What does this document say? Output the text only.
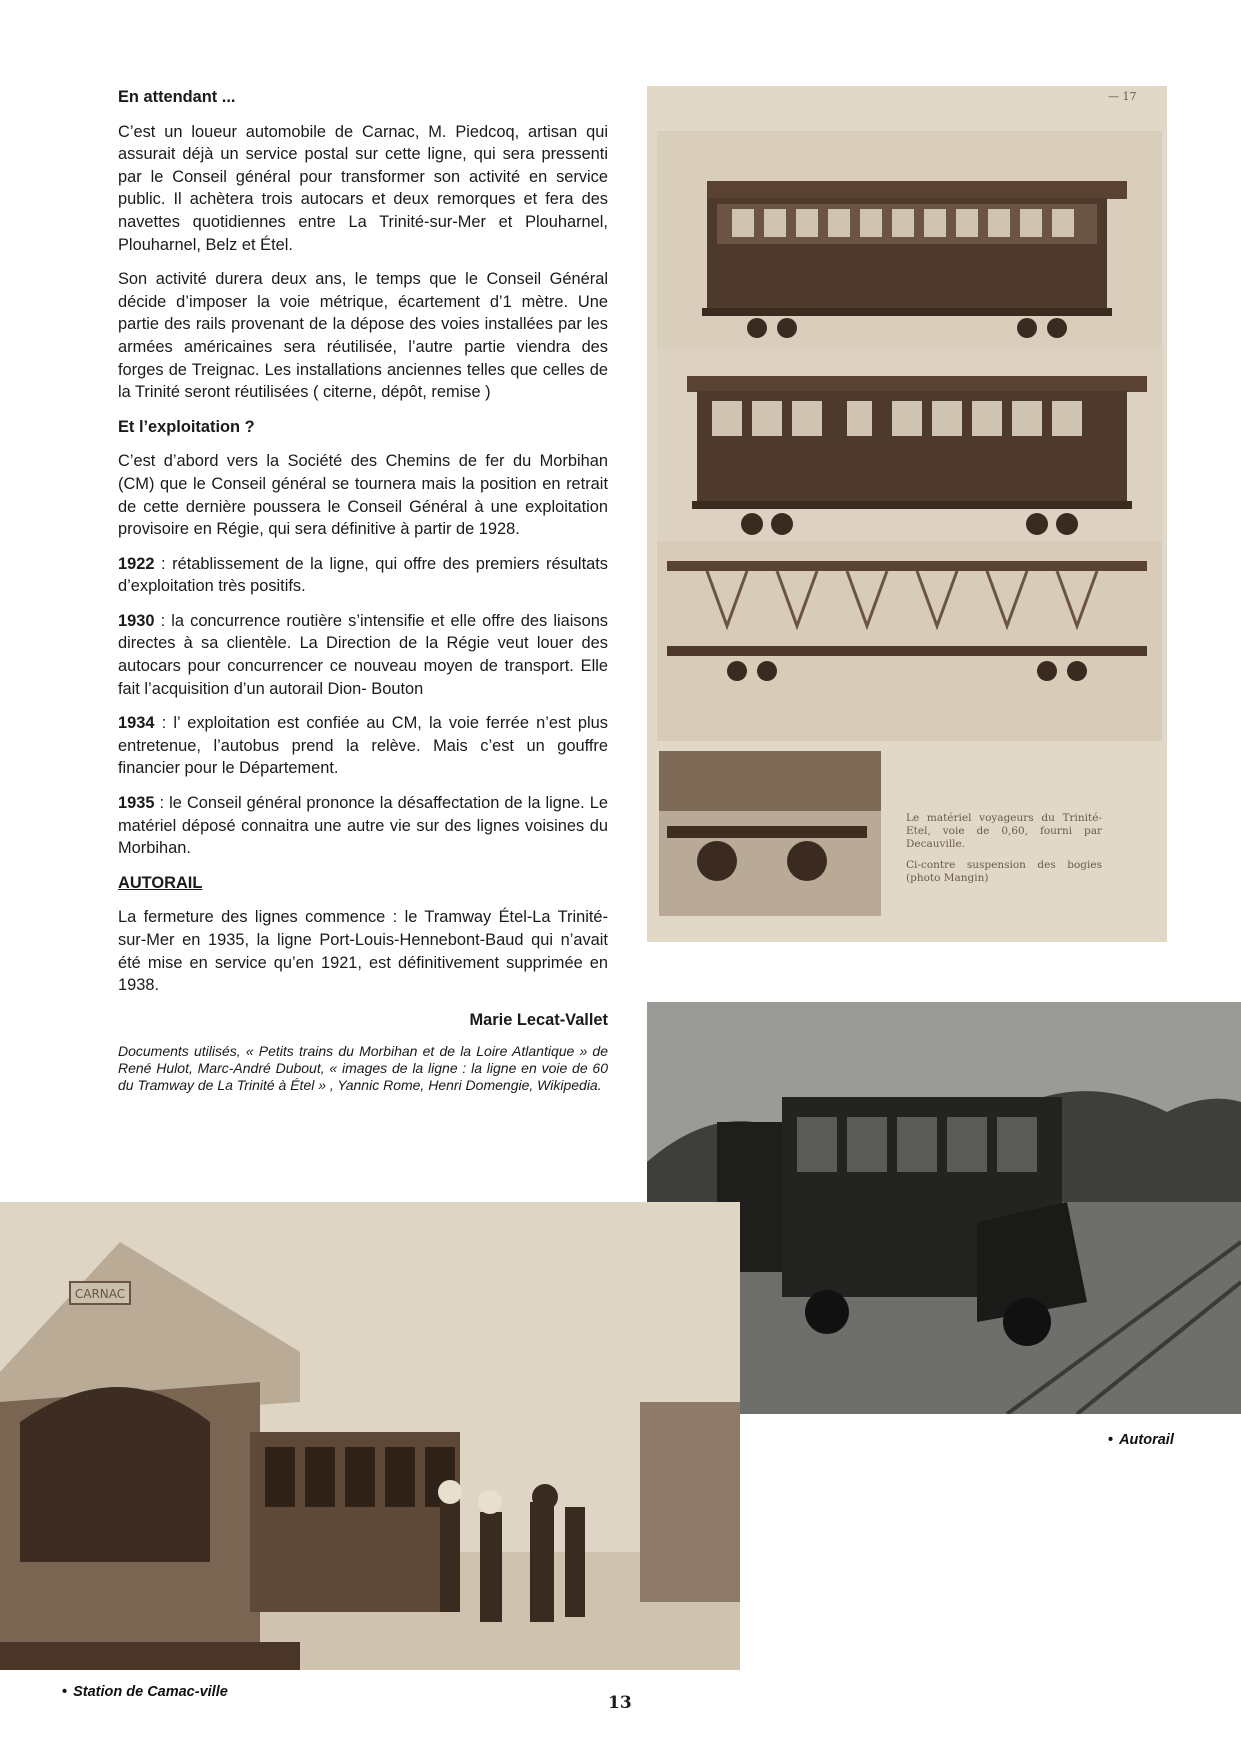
En attendant ...

C’est un loueur automobile de Carnac, M. Piedcoq, artisan qui assurait déjà un service postal sur cette ligne, qui sera pressenti par le Conseil général pour transformer son activité en service public. Il achètera trois autocars et deux remorques et fera des navettes quotidiennes entre La Trinité-sur-Mer et Plouharnel, Plouharnel, Belz et Étel.

Son activité durera deux ans, le temps que le Conseil Général décide d’imposer la voie métrique, écartement d’1 mètre. Une partie des rails provenant de la dépose des voies installées par les armées américaines sera réutilisée, l’autre partie viendra des forges de Treignac. Les installations anciennes telles que celles de la Trinité seront réutilisées ( citerne, dépôt, remise )

Et l’exploitation ?

C’est d’abord vers la Société des Chemins de fer du Morbihan (CM) que le Conseil général se tournera mais la position en retrait de cette dernière poussera le Conseil Général à une exploitation provisoire en Régie, qui sera définitive à partir de 1928.

1922 : rétablissement de la ligne, qui offre des premiers résultats d’exploitation très positifs.

1930 : la concurrence routière s’intensifie et elle offre des liaisons directes à sa clientèle. La Direction de la Régie veut louer des autocars pour concurrencer ce nouveau moyen de transport. Elle fait l’acquisition d’un autorail Dion- Bouton

1934 : l’ exploitation est confiée au CM, la voie ferrée n’est plus entretenue, l’autobus prend la relève. Mais c’est un gouffre financier pour le Département.

1935 : le Conseil général prononce la désaffectation de la ligne. Le matériel déposé connaitra une autre vie sur des lignes voisines du Morbihan.

AUTORAIL

La fermeture des lignes commence : le Tramway Étel-La Trinité-sur-Mer en 1935, la ligne Port-Louis-Hennebont-Baud qui n’avait été mise en service qu’en 1921, est définitivement supprimée en 1938.

Marie Lecat-Vallet

Documents utilisés, « Petits trains du Morbihan et de la Loire Atlantique » de René Hulot, Marc-André Dubout, « images de la ligne : la ligne en voie de 60 du Tramway de La Trinité à Étel » , Yannic Rome, Henri Domengie, Wikipedia.

— 17

Le matériel voyageurs du Trinité-Etel, voie de 0,60, fourni par Decauville.

Ci-contre suspension des bogies (photo Mangin)

• Autorail
CARNAC
• Station de Camac-ville
13
